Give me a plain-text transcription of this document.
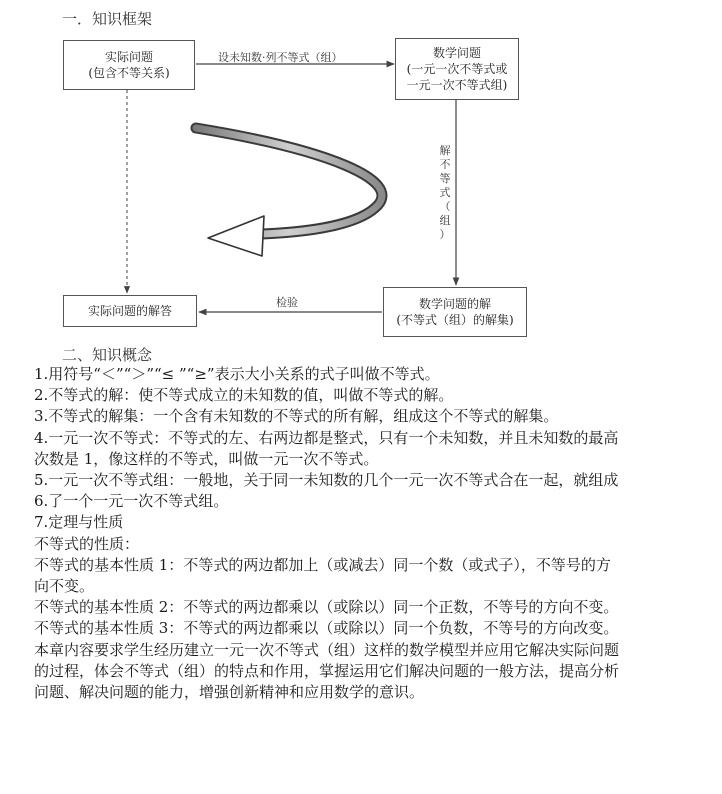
一．知识框架
实际问题
(包含不等关系)
数学问题
(一元一次不等式或
一元一次不等式组)
数学问题的解
(不等式（组）的解集)
实际问题的解答
设未知数·列不等式（组）
解
不
等
式
（
组
）
检验
二、知识概念

1.用符号“＜”“＞”“≤ ”“≥”表示大小关系的式子叫做不等式。

2.不等式的解：使不等式成立的未知数的值，叫做不等式的解。

3.不等式的解集：一个含有未知数的不等式的所有解，组成这个不等式的解集。

4.一元一次不等式：不等式的左、右两边都是整式，只有一个未知数，并且未知数的最高

次数是 1，像这样的不等式，叫做一元一次不等式。

5.一元一次不等式组：一般地，关于同一未知数的几个一元一次不等式合在一起，就组成

6.了一个一元一次不等式组。

7.定理与性质

不等式的性质：

不等式的基本性质 1：不等式的两边都加上（或减去）同一个数（或式子），不等号的方

向不变。

不等式的基本性质 2：不等式的两边都乘以（或除以）同一个正数，不等号的方向不变。

不等式的基本性质 3：不等式的两边都乘以（或除以）同一个负数，不等号的方向改变。

本章内容要求学生经历建立一元一次不等式（组）这样的数学模型并应用它解决实际问题

的过程，体会不等式（组）的特点和作用，掌握运用它们解决问题的一般方法，提高分析

问题、解决问题的能力，增强创新精神和应用数学的意识。
